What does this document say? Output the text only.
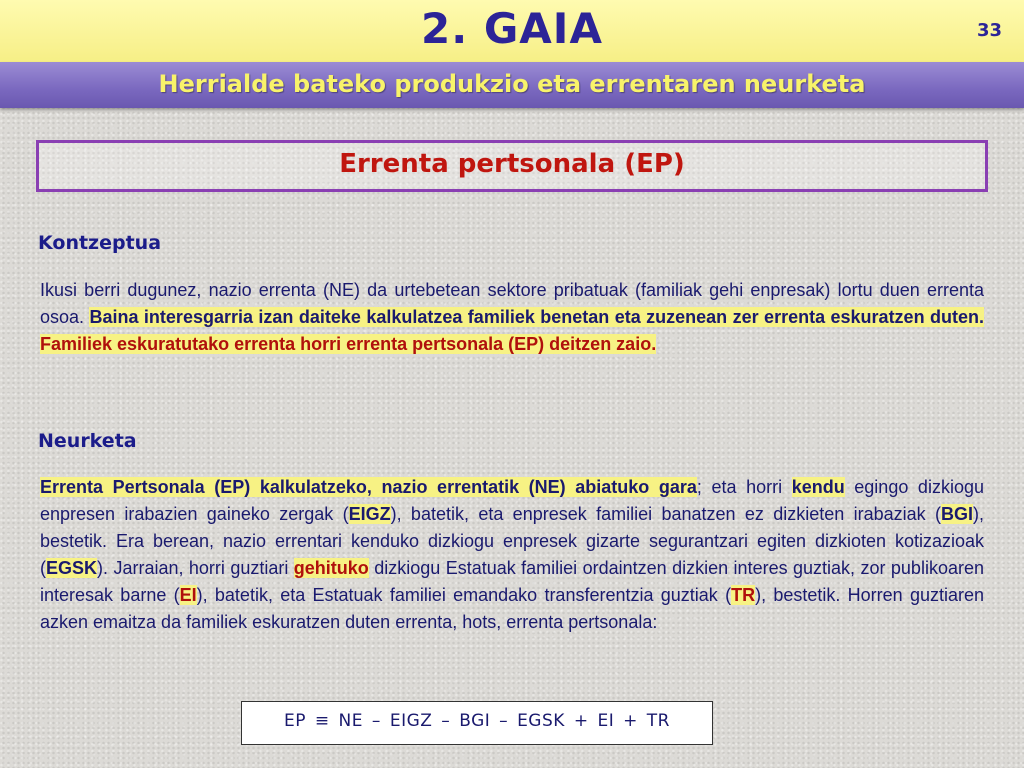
2. GAIA	33
Herrialde bateko produkzio eta errentaren neurketa
Errenta pertsonala (EP)
Kontzeptua
Ikusi berri dugunez, nazio errenta (NE) da urtebetean sektore pribatuak (familiak gehi enpresak) lortu duen errenta osoa. Baina interesgarria izan daiteke kalkulatzea familiek benetan eta zuzenean zer errenta eskuratzen duten. Familiek eskuratutako errenta horri errenta pertsonala (EP) deitzen zaio.
Neurketa
Errenta Pertsonala (EP) kalkulatzeko, nazio errentatik (NE) abiatuko gara; eta horri kendu egingo dizkiogu enpresen irabazien gaineko zergak (EIGZ), batetik, eta enpresek familiei banatzen ez dizkieten irabaziak (BGI), bestetik. Era berean, nazio errentari kenduko dizkiogu enpresek gizarte segurantzari egiten dizkioten kotizazioak (EGSK). Jarraian, horri guztiari gehituko dizkiogu Estatuak familiei ordaintzen dizkien interes guztiak, zor publikoaren interesak barne (EI), batetik, eta Estatuak familiei emandako transferentzia guztiak (TR), bestetik. Horren guztiaren azken emaitza da familiek eskuratzen duten errenta, hots, errenta pertsonala:
EP ≡ NE – EIGZ – BGI – EGSK + EI + TR
